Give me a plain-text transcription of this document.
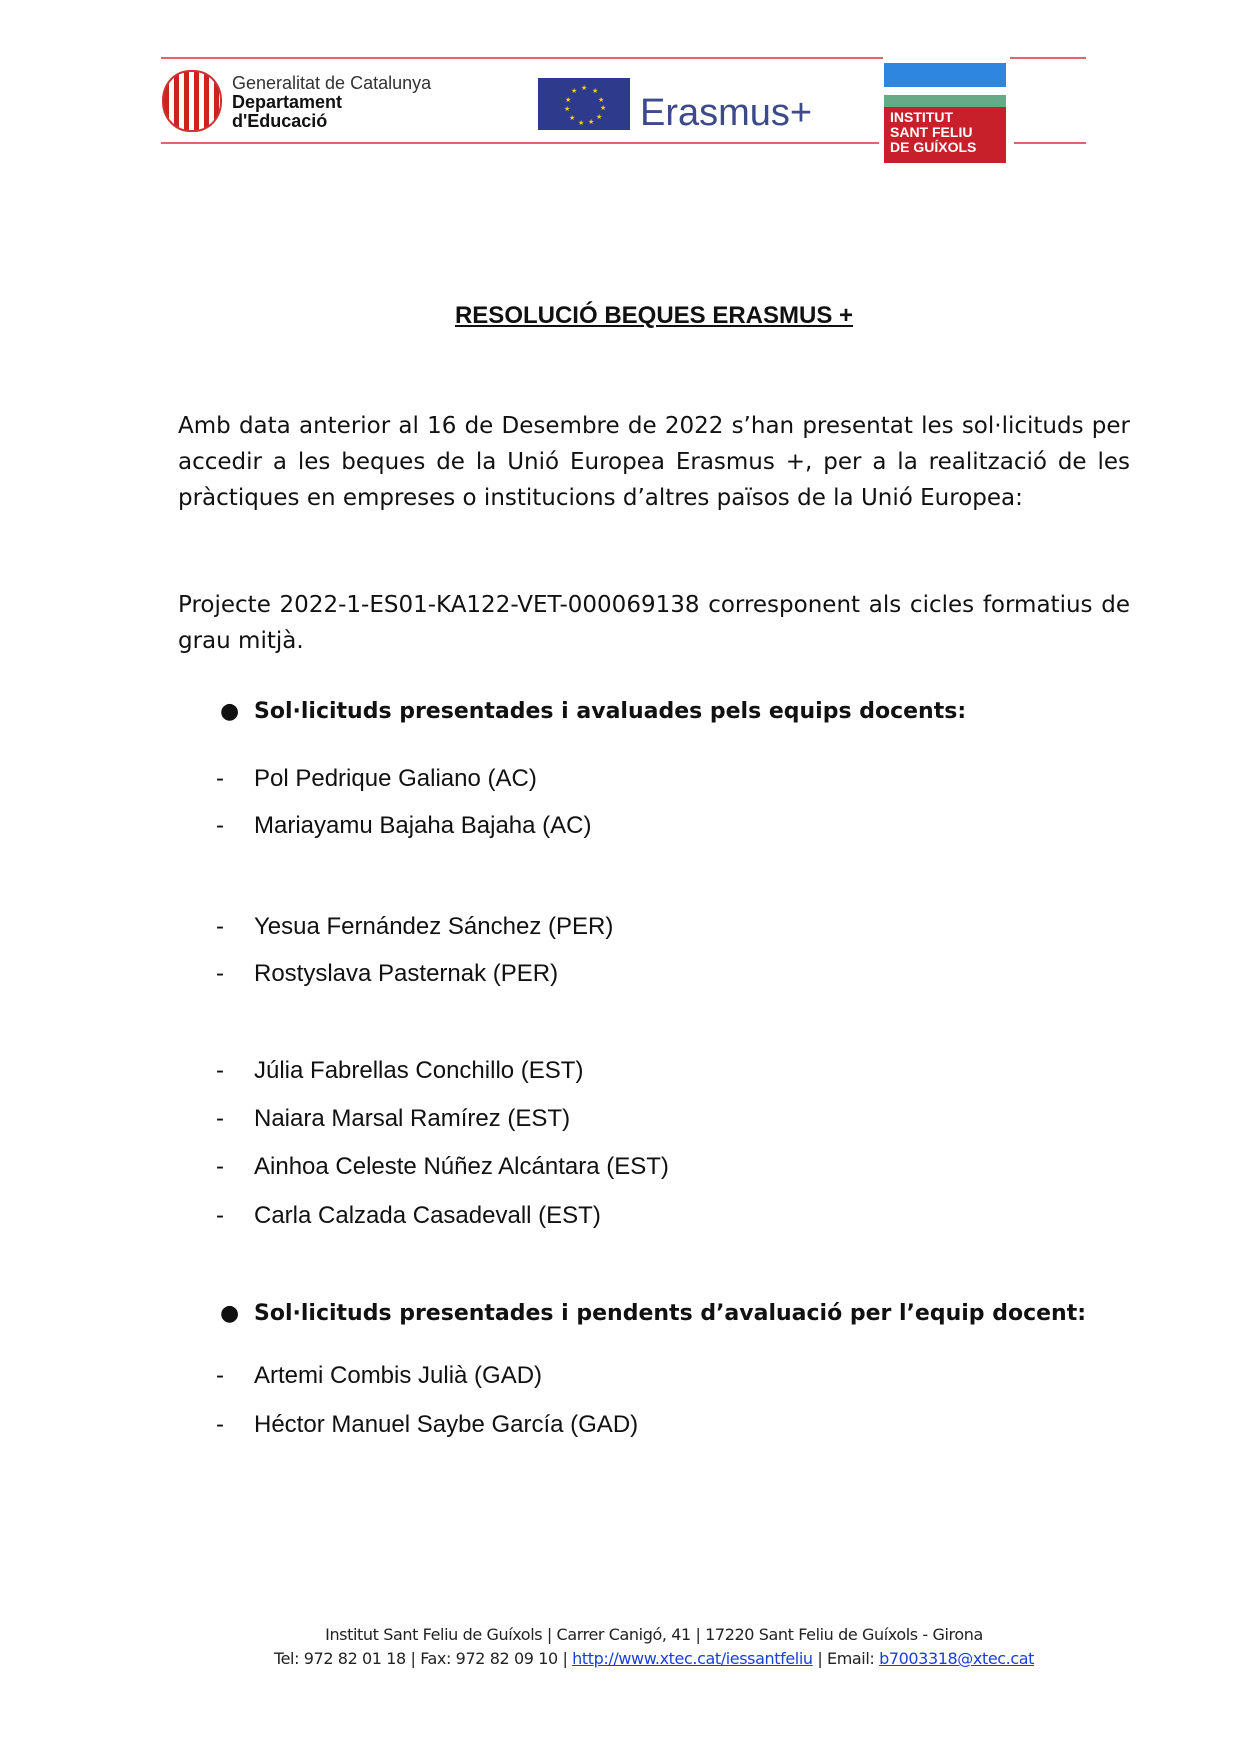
Generalitat de Catalunya
Departament
d'Educació
★ ★
★
★
★
★
★
★
★
★
★
Erasmus+	INSTITUT
SANT FELIU
DE GUÍXOLS
RESOLUCIÓ BEQUES ERASMUS +
Amb data anterior al 16 de Desembre de 2022 s’han presentat les sol·licituds per accedir a les beques de la Unió Europea Erasmus +, per a la realització de les pràctiques en empreses o institucions d’altres països de la Unió Europea:
Projecte 2022-1-ES01-KA122-VET-000069138 corresponent als cicles formatius de grau mitjà.
● Sol·licituds presentades i avaluades pels equips docents:
- Pol Pedrique Galiano (AC)
- Mariayamu Bajaha Bajaha (AC)
- Yesua Fernández Sánchez (PER)
- Rostyslava Pasternak (PER)
- Júlia Fabrellas Conchillo (EST)
- Naiara Marsal Ramírez (EST)
- Ainhoa Celeste Núñez Alcántara (EST)
- Carla Calzada Casadevall (EST)
● Sol·licituds presentades i pendents d’avaluació per l’equip docent:
- Artemi Combis Julià (GAD)
- Héctor Manuel Saybe García (GAD)
Institut Sant Feliu de Guíxols | Carrer Canigó, 41 | 17220 Sant Feliu de Guíxols - Girona
Tel: 972 82 01 18 | Fax: 972 82 09 10 | http://www.xtec.cat/iessantfeliu | Email: b7003318@xtec.cat
